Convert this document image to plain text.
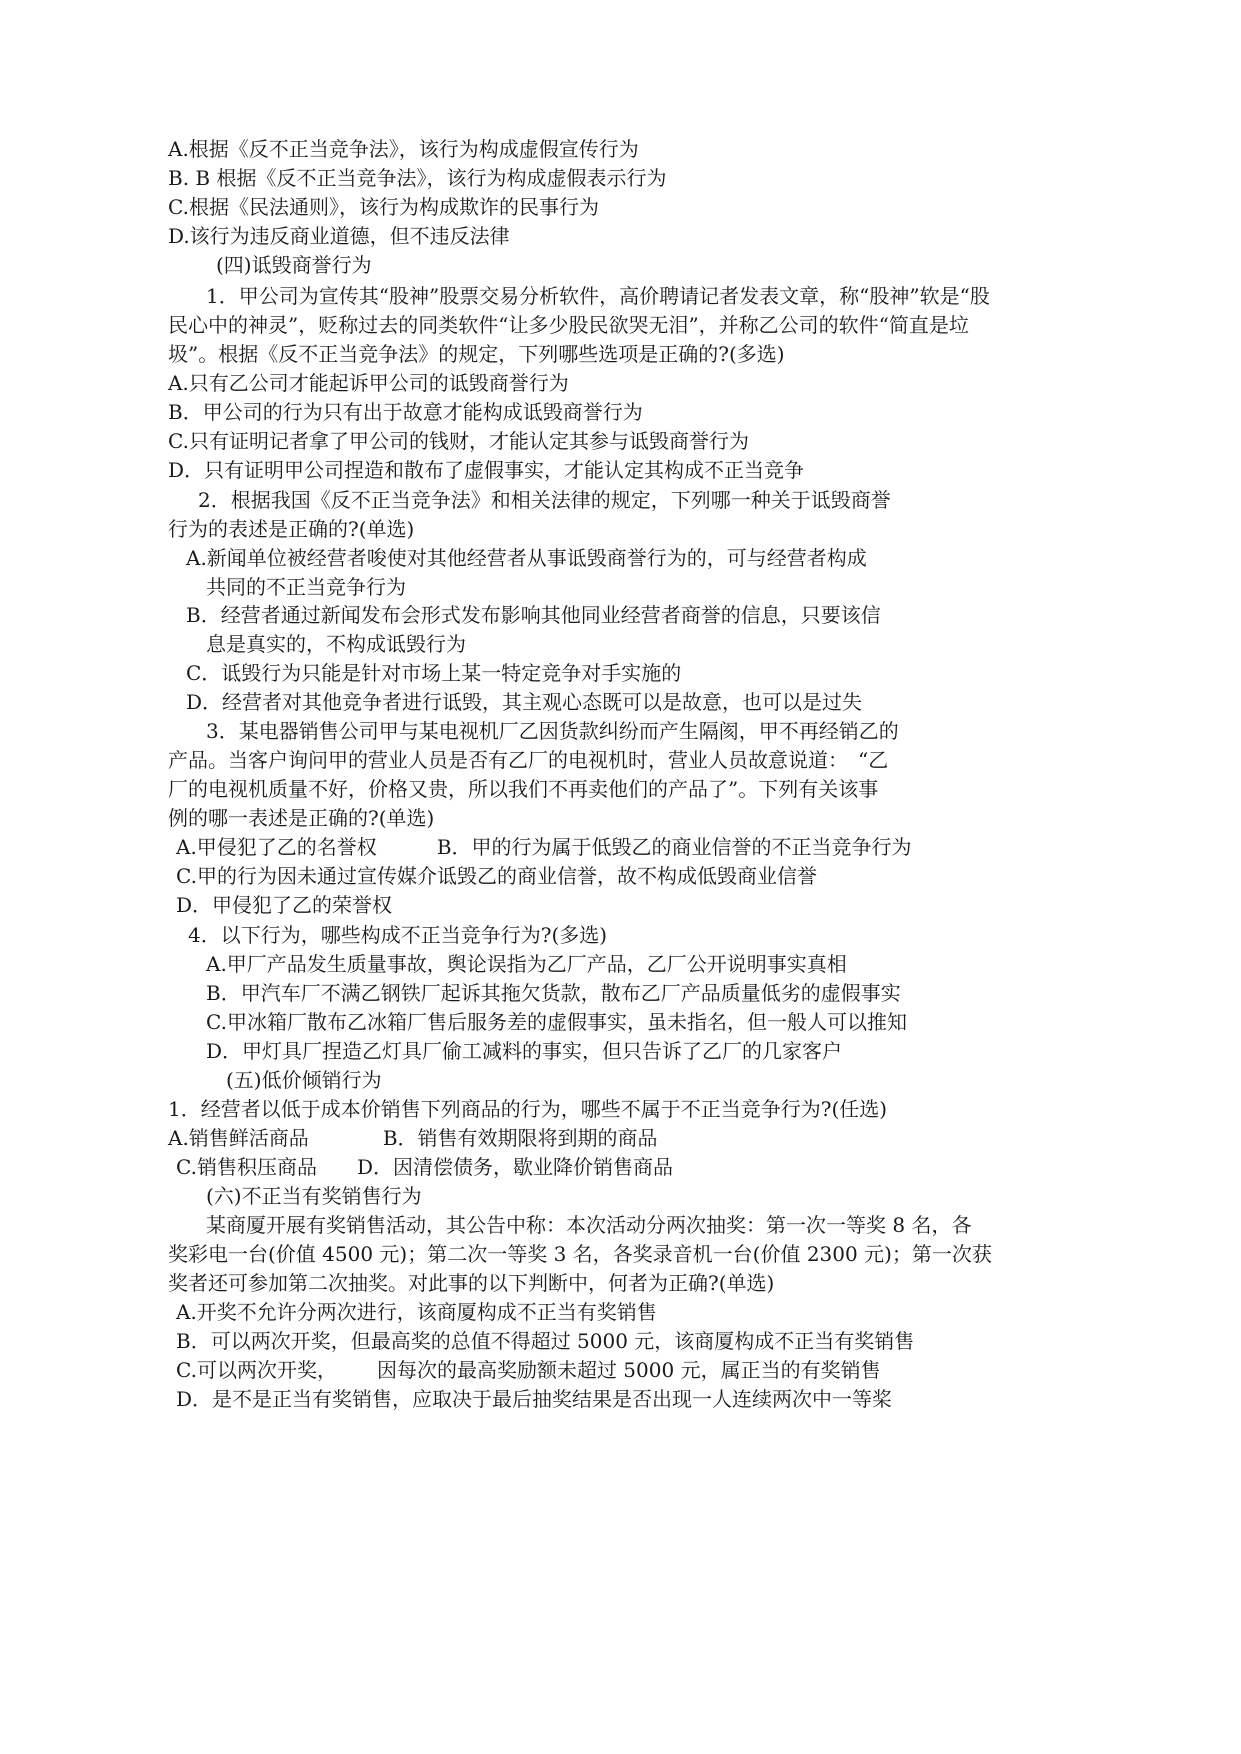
A.根据《反不正当竞争法》，该行为构成虚假宣传行为

B. B 根据《反不正当竞争法》，该行为构成虚假表示行为

C.根据《民法通则》，该行为构成欺诈的民事行为

D.该行为违反商业道德，但不违反法律

(四)诋毁商誉行为

1．甲公司为宣传其“股神”股票交易分析软件，高价聘请记者发表文章，称“股神”软是“股

民心中的神灵”，贬称过去的同类软件“让多少股民欲哭无泪”，并称乙公司的软件“简直是垃

圾”。根据《反不正当竞争法》的规定，下列哪些选项是正确的?(多选)

A.只有乙公司才能起诉甲公司的诋毁商誉行为

B．甲公司的行为只有出于故意才能构成诋毁商誉行为

C.只有证明记者拿了甲公司的钱财，才能认定其参与诋毁商誉行为

D．只有证明甲公司捏造和散布了虚假事实，才能认定其构成不正当竞争

2．根据我国《反不正当竞争法》和相关法律的规定，下列哪一种关于诋毁商誉

行为的表述是正确的?(单选)

A.新闻单位被经营者唆使对其他经营者从事诋毁商誉行为的，可与经营者构成

共同的不正当竞争行为

B．经营者通过新闻发布会形式发布影响其他同业经营者商誉的信息，只要该信

息是真实的，不构成诋毁行为

C．诋毁行为只能是针对市场上某一特定竞争对手实施的

D．经营者对其他竞争者进行诋毁，其主观心态既可以是故意，也可以是过失

3．某电器销售公司甲与某电视机厂乙因货款纠纷而产生隔阂，甲不再经销乙的

产品。当客户询问甲的营业人员是否有乙厂的电视机时，营业人员故意说道：　“乙

厂的电视机质量不好，价格又贵，所以我们不再卖他们的产品了”。下列有关该事

例的哪一表述是正确的?(单选)

A.甲侵犯了乙的名誉权	B．甲的行为属于低毁乙的商业信誉的不正当竞争行为

C.甲的行为因未通过宣传媒介诋毁乙的商业信誉，故不构成低毁商业信誉

D．甲侵犯了乙的荣誉权

4．以下行为，哪些构成不正当竞争行为?(多选)

A.甲厂产品发生质量事故，舆论误指为乙厂产品，乙厂公开说明事实真相

B．甲汽车厂不满乙钢铁厂起诉其拖欠货款，散布乙厂产品质量低劣的虚假事实

C.甲冰箱厂散布乙冰箱厂售后服务差的虚假事实，虽未指名，但一般人可以推知

D．甲灯具厂捏造乙灯具厂偷工减料的事实，但只告诉了乙厂的几家客户

(五)低价倾销行为

1．经营者以低于成本价销售下列商品的行为，哪些不属于不正当竞争行为?(任选)

A.销售鲜活商品	B．销售有效期限将到期的商品

C.销售积压商品 D．因清偿债务，歇业降价销售商品

(六)不正当有奖销售行为

某商厦开展有奖销售活动，其公告中称：本次活动分两次抽奖：第一次一等奖 8 名，各

奖彩电一台(价值 4500 元)；第二次一等奖 3 名，各奖录音机一台(价值 2300 元)；第一次获

奖者还可参加第二次抽奖。对此事的以下判断中，何者为正确?(单选)

A.开奖不允许分两次进行，该商厦构成不正当有奖销售

B．可以两次开奖，但最高奖的总值不得超过 5000 元，该商厦构成不正当有奖销售

C.可以两次开奖， 因每次的最高奖励额未超过 5000 元，属正当的有奖销售

D．是不是正当有奖销售，应取决于最后抽奖结果是否出现一人连续两次中一等桨
